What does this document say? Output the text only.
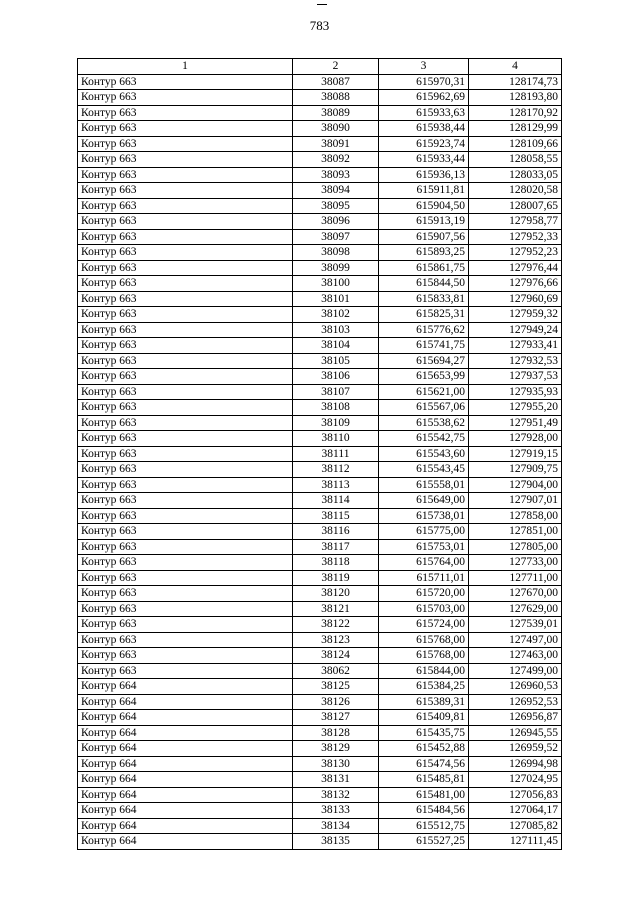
783
1	2	3	4
Контур 663	38087	615970,31	128174,73
Контур 663	38088	615962,69	128193,80
Контур 663	38089	615933,63	128170,92
Контур 663	38090	615938,44	128129,99
Контур 663	38091	615923,74	128109,66
Контур 663	38092	615933,44	128058,55
Контур 663	38093	615936,13	128033,05
Контур 663	38094	615911,81	128020,58
Контур 663	38095	615904,50	128007,65
Контур 663	38096	615913,19	127958,77
Контур 663	38097	615907,56	127952,33
Контур 663	38098	615893,25	127952,23
Контур 663	38099	615861,75	127976,44
Контур 663	38100	615844,50	127976,66
Контур 663	38101	615833,81	127960,69
Контур 663	38102	615825,31	127959,32
Контур 663	38103	615776,62	127949,24
Контур 663	38104	615741,75	127933,41
Контур 663	38105	615694,27	127932,53
Контур 663	38106	615653,99	127937,53
Контур 663	38107	615621,00	127935,93
Контур 663	38108	615567,06	127955,20
Контур 663	38109	615538,62	127951,49
Контур 663	38110	615542,75	127928,00
Контур 663	38111	615543,60	127919,15
Контур 663	38112	615543,45	127909,75
Контур 663	38113	615558,01	127904,00
Контур 663	38114	615649,00	127907,01
Контур 663	38115	615738,01	127858,00
Контур 663	38116	615775,00	127851,00
Контур 663	38117	615753,01	127805,00
Контур 663	38118	615764,00	127733,00
Контур 663	38119	615711,01	127711,00
Контур 663	38120	615720,00	127670,00
Контур 663	38121	615703,00	127629,00
Контур 663	38122	615724,00	127539,01
Контур 663	38123	615768,00	127497,00
Контур 663	38124	615768,00	127463,00
Контур 663	38062	615844,00	127499,00
Контур 664	38125	615384,25	126960,53
Контур 664	38126	615389,31	126952,53
Контур 664	38127	615409,81	126956,87
Контур 664	38128	615435,75	126945,55
Контур 664	38129	615452,88	126959,52
Контур 664	38130	615474,56	126994,98
Контур 664	38131	615485,81	127024,95
Контур 664	38132	615481,00	127056,83
Контур 664	38133	615484,56	127064,17
Контур 664	38134	615512,75	127085,82
Контур 664	38135	615527,25	127111,45
